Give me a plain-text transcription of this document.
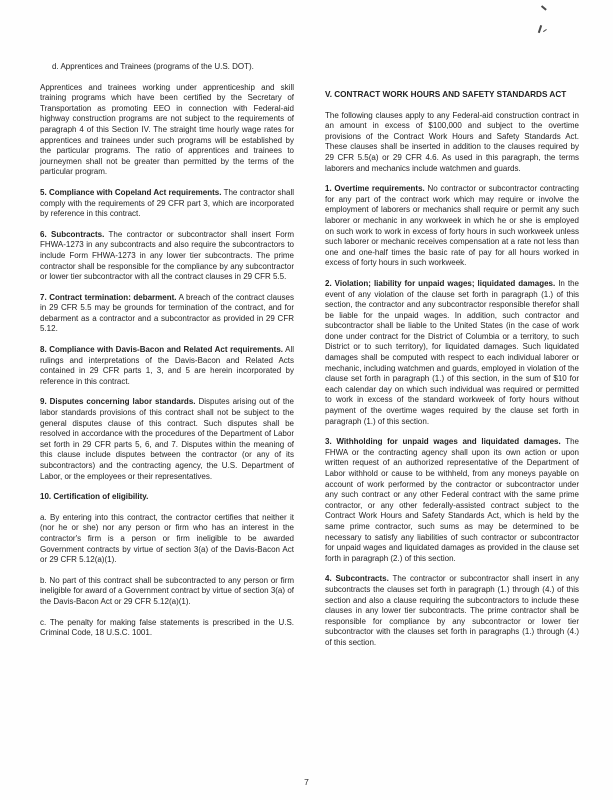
d. Apprentices and Trainees (programs of the U.S. DOT).

Apprentices and trainees working under apprenticeship and skill training programs which have been certified by the Secretary of Transportation as promoting EEO in connection with Federal-aid highway construction programs are not subject to the requirements of paragraph 4 of this Section IV. The straight time hourly wage rates for apprentices and trainees under such programs will be established by the particular programs. The ratio of apprentices and trainees to journeymen shall not be greater than permitted by the terms of the particular program.

5. Compliance with Copeland Act requirements. The contractor shall comply with the requirements of 29 CFR part 3, which are incorporated by reference in this contract.

6. Subcontracts. The contractor or subcontractor shall insert Form FHWA-1273 in any subcontracts and also require the subcontractors to include Form FHWA-1273 in any lower tier subcontracts. The prime contractor shall be responsible for the compliance by any subcontractor or lower tier subcontractor with all the contract clauses in 29 CFR 5.5.

7. Contract termination: debarment. A breach of the contract clauses in 29 CFR 5.5 may be grounds for termination of the contract, and for debarment as a contractor and a subcontractor as provided in 29 CFR 5.12.

8. Compliance with Davis-Bacon and Related Act requirements. All rulings and interpretations of the Davis-Bacon and Related Acts contained in 29 CFR parts 1, 3, and 5 are herein incorporated by reference in this contract.

9. Disputes concerning labor standards. Disputes arising out of the labor standards provisions of this contract shall not be subject to the general disputes clause of this contract. Such disputes shall be resolved in accordance with the procedures of the Department of Labor set forth in 29 CFR parts 5, 6, and 7. Disputes within the meaning of this clause include disputes between the contractor (or any of its subcontractors) and the contracting agency, the U.S. Department of Labor, or the employees or their representatives.

10. Certification of eligibility.

a. By entering into this contract, the contractor certifies that neither it (nor he or she) nor any person or firm who has an interest in the contractor's firm is a person or firm ineligible to be awarded Government contracts by virtue of section 3(a) of the Davis-Bacon Act or 29 CFR 5.12(a)(1).

b. No part of this contract shall be subcontracted to any person or firm ineligible for award of a Government contract by virtue of section 3(a) of the Davis-Bacon Act or 29 CFR 5.12(a)(1).

c. The penalty for making false statements is prescribed in the U.S. Criminal Code, 18 U.S.C. 1001.

V. CONTRACT WORK HOURS AND SAFETY STANDARDS ACT

The following clauses apply to any Federal-aid construction contract in an amount in excess of $100,000 and subject to the overtime provisions of the Contract Work Hours and Safety Standards Act. These clauses shall be inserted in addition to the clauses required by 29 CFR 5.5(a) or 29 CFR 4.6. As used in this paragraph, the terms laborers and mechanics include watchmen and guards.

1. Overtime requirements. No contractor or subcontractor contracting for any part of the contract work which may require or involve the employment of laborers or mechanics shall require or permit any such laborer or mechanic in any workweek in which he or she is employed on such work to work in excess of forty hours in such workweek unless such laborer or mechanic receives compensation at a rate not less than one and one-half times the basic rate of pay for all hours worked in excess of forty hours in such workweek.

2. Violation; liability for unpaid wages; liquidated damages. In the event of any violation of the clause set forth in paragraph (1.) of this section, the contractor and any subcontractor responsible therefor shall be liable for the unpaid wages. In addition, such contractor and subcontractor shall be liable to the United States (in the case of work done under contract for the District of Columbia or a territory, to such District or to such territory), for liquidated damages. Such liquidated damages shall be computed with respect to each individual laborer or mechanic, including watchmen and guards, employed in violation of the clause set forth in paragraph (1.) of this section, in the sum of $10 for each calendar day on which such individual was required or permitted to work in excess of the standard workweek of forty hours without payment of the overtime wages required by the clause set forth in paragraph (1.) of this section.

3. Withholding for unpaid wages and liquidated damages. The FHWA or the contracting agency shall upon its own action or upon written request of an authorized representative of the Department of Labor withhold or cause to be withheld, from any moneys payable on account of work performed by the contractor or subcontractor under any such contract or any other Federal contract with the same prime contractor, or any other federally-assisted contract subject to the Contract Work Hours and Safety Standards Act, which is held by the same prime contractor, such sums as may be determined to be necessary to satisfy any liabilities of such contractor or subcontractor for unpaid wages and liquidated damages as provided in the clause set forth in paragraph (2.) of this section.

4. Subcontracts. The contractor or subcontractor shall insert in any subcontracts the clauses set forth in paragraph (1.) through (4.) of this section and also a clause requiring the subcontractors to include these clauses in any lower tier subcontracts. The prime contractor shall be responsible for compliance by any subcontractor or lower tier subcontractor with the clauses set forth in paragraphs (1.) through (4.) of this section.

7
